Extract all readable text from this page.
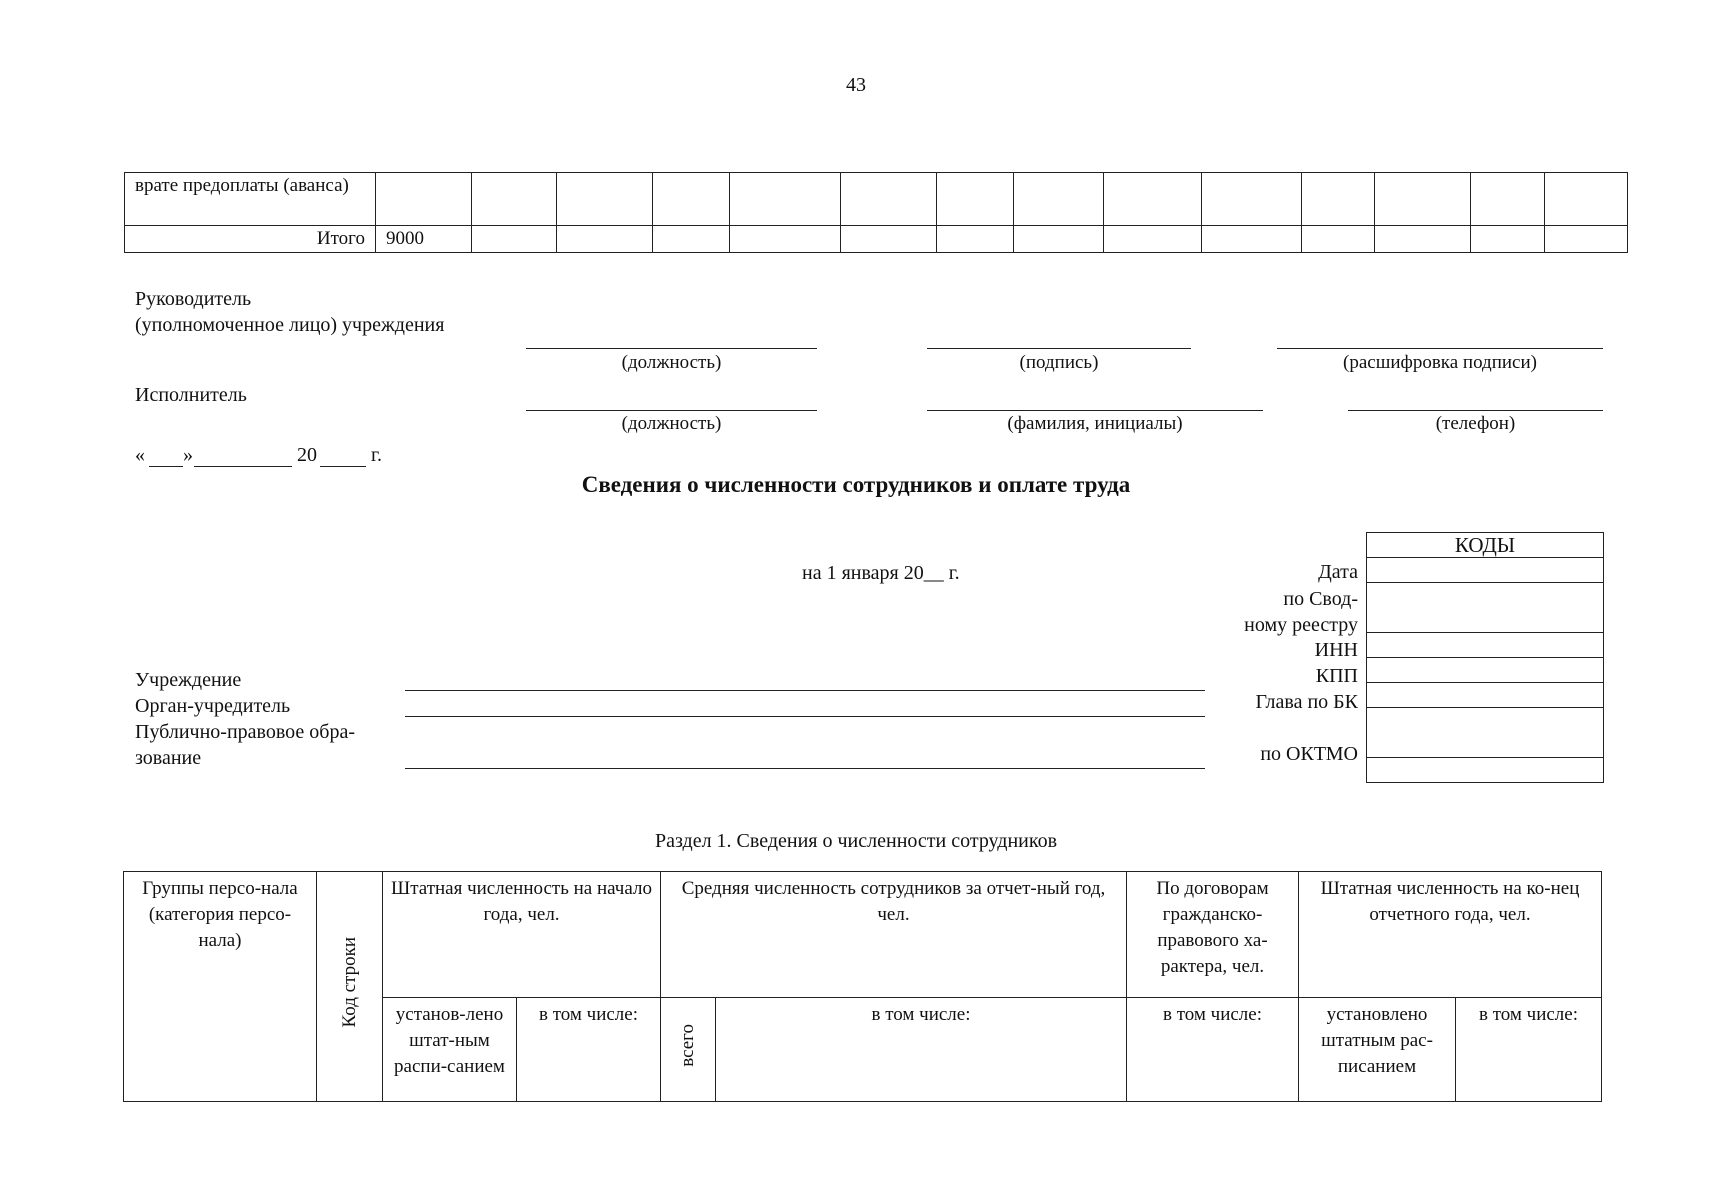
43
врате предоплаты (аванса)														
Итого	9000													
Руководитель
(уполномоченное лицо) учреждения
(должность)	(подпись)	(расшифровка подписи)
Исполнитель
(должность)	(фамилия, инициалы)	(телефон)
« »	20	г.
Сведения о численности сотрудников и оплате труда
на 1 января 20__ г.
КОДЫ

Дата
по Свод-
ному реестру
ИНН
КПП
Глава по БК
по ОКТМО
Учреждение
Орган-учредитель
Публично-правовое обра-
зование
Раздел 1. Сведения о численности сотрудников
Группы персо-нала (категория персо-нала)	Код строки	Штатная численность на начало года, чел.		Средняя численность сотрудников за отчет-ный год, чел.		По договорам гражданско-правового ха-рактера, чел.	Штатная численность на ко-нец отчетного года, чел.	
		установ-лено штат-ным распи-санием	в том числе:	всего	в том числе:	в том числе:	установлено штатным рас-писанием	в том числе:
